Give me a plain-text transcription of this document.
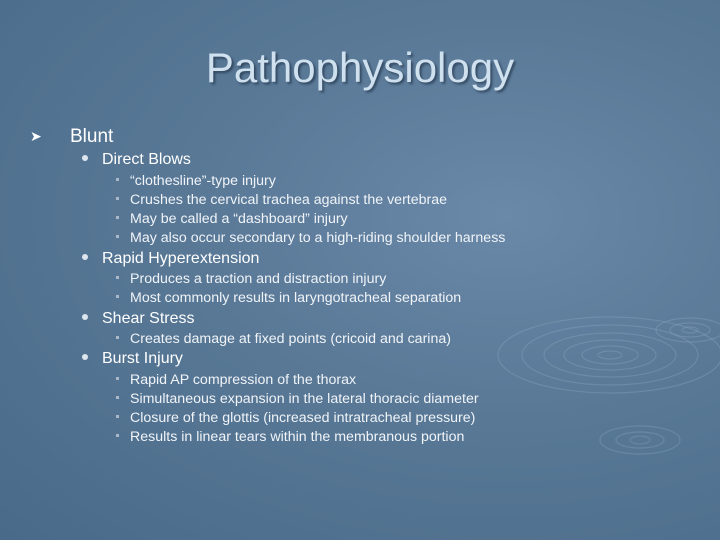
Pathophysiology
➤ Blunt
Direct Blows
“clothesline”-type injury
Crushes the cervical trachea against the vertebrae
May be called a “dashboard” injury
May also occur secondary to a high-riding shoulder harness
Rapid Hyperextension
Produces a traction and distraction injury
Most commonly results in laryngotracheal separation
Shear Stress
Creates damage at fixed points (cricoid and carina)
Burst Injury
Rapid AP compression of the thorax
Simultaneous expansion in the lateral thoracic diameter
Closure of the glottis (increased intratracheal pressure)
Results in linear tears within the membranous portion
